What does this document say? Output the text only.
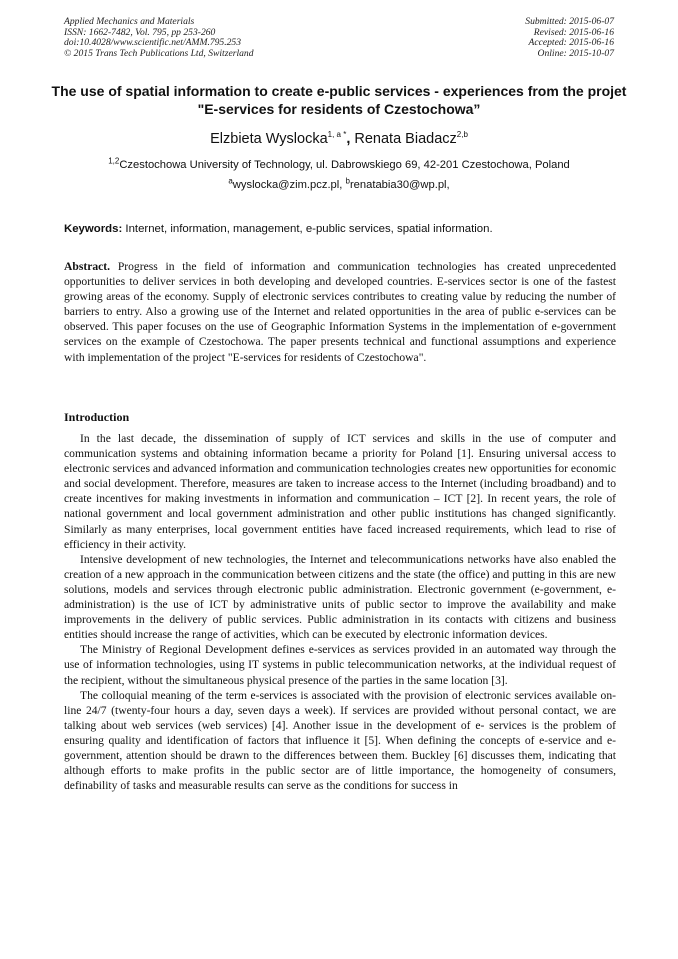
Applied Mechanics and Materials
ISSN: 1662-7482, Vol. 795, pp 253-260
doi:10.4028/www.scientific.net/AMM.795.253
© 2015 Trans Tech Publications Ltd, Switzerland
Submitted: 2015-06-07
Revised: 2015-06-16
Accepted: 2015-06-16
Online: 2015-10-07
The use of spatial information to create e-public services - experiences from the projet "E-services for residents of Czestochowa”
Elzbieta Wyslocka$^{1, a *}$, Renata Biadacz$^{2,b}$
$^{1,2}$Czestochowa University of Technology, ul. Dabrowskiego 69, 42-201 Czestochowa, Poland
$^a$wyslocka@zim.pcz.pl, $^b$renatabia30@wp.pl,
Keywords: Internet, information, management, e-public services, spatial information.
Abstract. Progress in the field of information and communication technologies has created unprecedented opportunities to deliver services in both developing and developed countries. E-services sector is one of the fastest growing areas of the economy. Supply of electronic services contributes to creating value by reducing the number of barriers to entry. Also a growing use of the Internet and related opportunities in the area of public e-services can be observed. This paper focuses on the use of Geographic Information Systems in the implementation of e-government services on the example of Czestochowa. The paper presents technical and functional assumptions and experience with implementation of the project "E-services for residents of Czestochowa".
Introduction

In the last decade, the dissemination of supply of ICT services and skills in the use of computer and communication systems and obtaining information became a priority for Poland [1]. Ensuring universal access to electronic services and advanced information and communication technologies creates new opportunities for economic and social development. Therefore, measures are taken to increase access to the Internet (including broadband) and to create incentives for making investments in information and communication – ICT [2]. In recent years, the role of national government and local government administration and other public institutions has changed significantly. Similarly as many enterprises, local government entities have faced increased requirements, which lead to rise of efficiency in their activity.

Intensive development of new technologies, the Internet and telecommunications networks have also enabled the creation of a new approach in the communication between citizens and the state (the office) and putting in this are new solutions, models and services through electronic public administration. Electronic government (e-government, e-administration) is the use of ICT by administrative units of public sector to improve the availability and make improvements in the delivery of public services. Public administration in its contacts with citizens and business entities should increase the range of activities, which can be executed by electronic information devices.

The Ministry of Regional Development defines e-services as services provided in an automated way through the use of information technologies, using IT systems in public telecommunication networks, at the individual request of the recipient, without the simultaneous physical presence of the parties in the same location [3].

The colloquial meaning of the term e-services is associated with the provision of electronic services available on-line 24/7 (twenty-four hours a day, seven days a week). If services are provided without personal contact, we are talking about web services (web services) [4]. Another issue in the development of e- services is the problem of ensuring quality and identification of factors that influence it [5]. When defining the concepts of e-service and e-government, attention should be drawn to the differences between them. Buckley [6] discusses them, indicating that although efforts to make profits in the public sector are of little importance, the homogeneity of consumers, definability of tasks and measurable results can serve as the conditions for success in
